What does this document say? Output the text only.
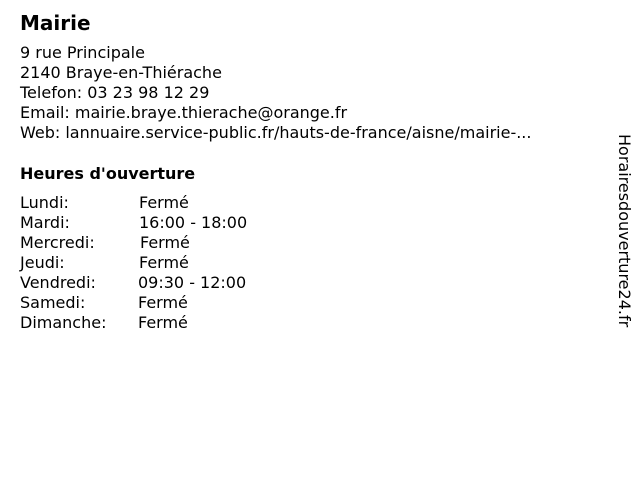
Mairie
9 rue Principale
2140 Braye-en-Thiérache
Telefon: 03 23 98 12 29
Email: mairie.braye.thierache@orange.fr
Web: lannuaire.service-public.fr/hauts-de-france/aisne/mairie-...
Heures d'ouverture
Lundi:	Fermé
Mardi:	16:00 - 18:00
Mercredi:	Fermé
Jeudi:	Fermé
Vendredi:	09:30 - 12:00
Samedi:	Fermé
Dimanche: Fermé	Horairesdouverture24.fr
